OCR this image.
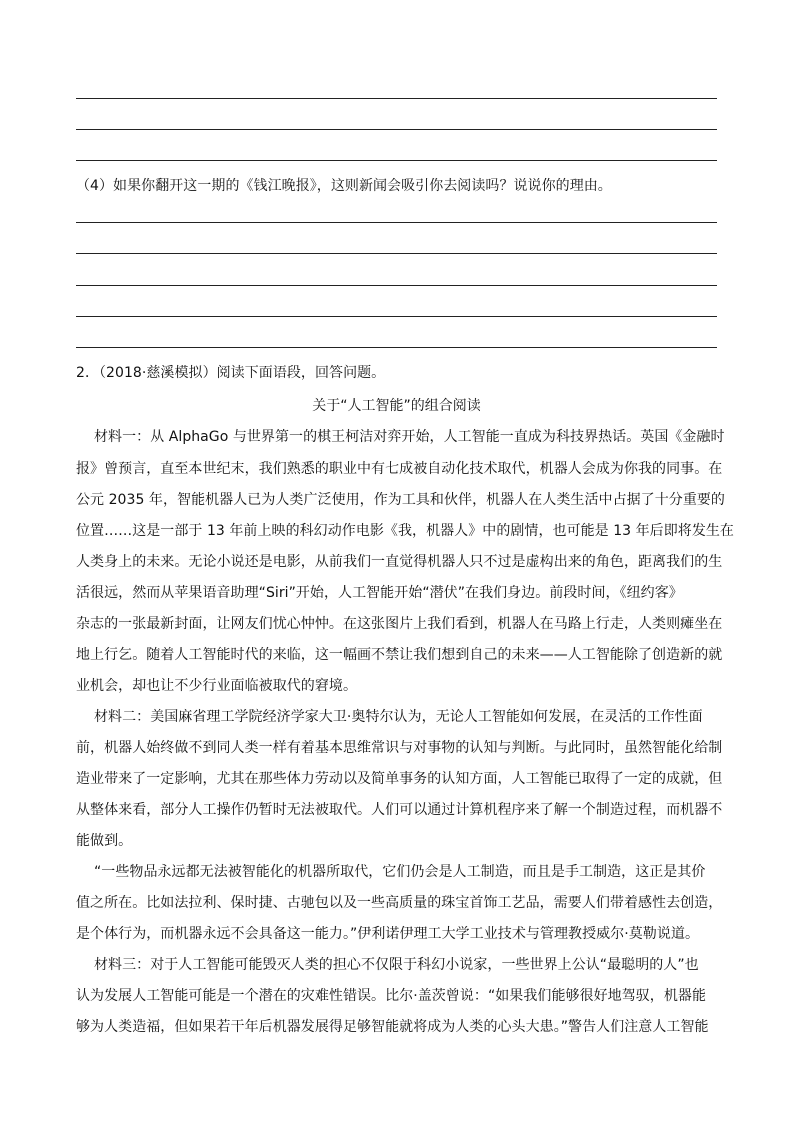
（4）如果你翻开这一期的《钱江晚报》，这则新闻会吸引你去阅读吗？说说你的理由。
2．（2018·慈溪模拟）阅读下面语段，回答问题。
关于“人工智能”的组合阅读
材料一：从 AlphaGo 与世界第一的棋王柯洁对弈开始，人工智能一直成为科技界热话。英国《金融时
报》曾预言，直至本世纪末，我们熟悉的职业中有七成被自动化技术取代，机器人会成为你我的同事。在
公元 2035 年，智能机器人已为人类广泛使用，作为工具和伙伴，机器人在人类生活中占据了十分重要的
位置……这是一部于 13 年前上映的科幻动作电影《我，机器人》中的剧情，也可能是 13 年后即将发生在
人类身上的未来。无论小说还是电影，从前我们一直觉得机器人只不过是虚构出来的角色，距离我们的生
活很远，然而从苹果语音助理“Siri”开始，人工智能开始“潜伏”在我们身边。前段时间，《纽约客》
杂志的一张最新封面，让网友们忧心忡忡。在这张图片上我们看到，机器人在马路上行走，人类则瘫坐在
地上行乞。随着人工智能时代的来临，这一幅画不禁让我们想到自己的未来——人工智能除了创造新的就
业机会，却也让不少行业面临被取代的窘境。
材料二：美国麻省理工学院经济学家大卫·奥特尔认为，无论人工智能如何发展，在灵活的工作性面
前，机器人始终做不到同人类一样有着基本思维常识与对事物的认知与判断。与此同时，虽然智能化给制
造业带来了一定影响，尤其在那些体力劳动以及简单事务的认知方面，人工智能已取得了一定的成就，但
从整体来看，部分人工操作仍暂时无法被取代。人们可以通过计算机程序来了解一个制造过程，而机器不
能做到。
“一些物品永远都无法被智能化的机器所取代，它们仍会是人工制造，而且是手工制造，这正是其价
值之所在。比如法拉利、保时捷、古驰包以及一些高质量的珠宝首饰工艺品，需要人们带着感性去创造，
是个体行为，而机器永远不会具备这一能力。”伊利诺伊理工大学工业技术与管理教授威尔·莫勒说道。
材料三：对于人工智能可能毁灭人类的担心不仅限于科幻小说家，一些世界上公认“最聪明的人”也
认为发展人工智能可能是一个潜在的灾难性错误。比尔·盖茨曾说：“如果我们能够很好地驾驭，机器能
够为人类造福，但如果若干年后机器发展得足够智能就将成为人类的心头大患。”警告人们注意人工智能
